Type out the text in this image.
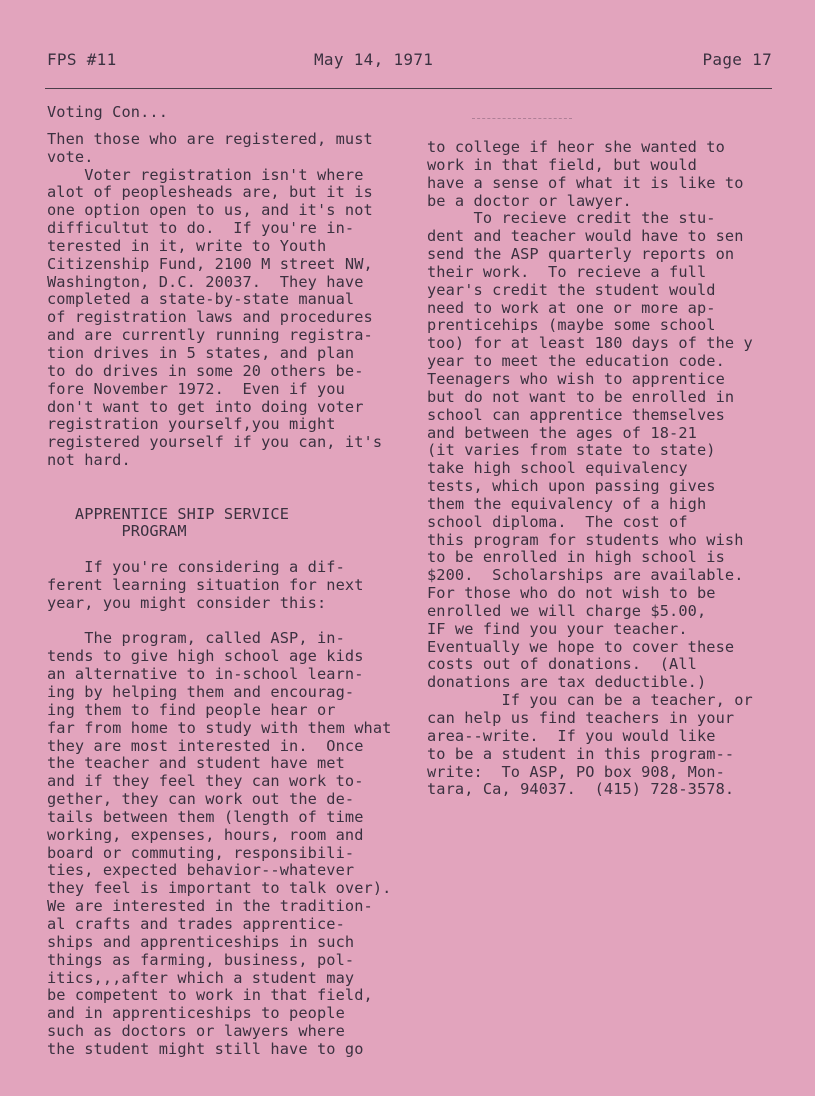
FPS #11	May 14, 1971	Page 17
Voting Con...
Then those who are registered, must
vote.
Voter registration isn't where
alot of peoplesheads are, but it is
one option open to us, and it's not
difficultut to do.  If you're in-
terested in it, write to Youth
Citizenship Fund, 2100 M street NW,
Washington, D.C. 20037.  They have
completed a state-by-state manual
of registration laws and procedures
and are currently running registra-
tion drives in 5 states, and plan
to do drives in some 20 others be-
fore November 1972.  Even if you
don't want to get into doing voter
registration yourself,you might
registered yourself if you can, it's
not hard.
APPRENTICE SHIP SERVICE
PROGRAM
If you're considering a dif-
ferent learning situation for next
year, you might consider this:
The program, called ASP, in-
tends to give high school age kids
an alternative to in-school learn-
ing by helping them and encourag-
ing them to find people hear or
far from home to study with them what
they are most interested in.  Once
the teacher and student have met
and if they feel they can work to-
gether, they can work out the de-
tails between them (length of time
working, expenses, hours, room and
board or commuting, responsibili-
ties, expected behavior--whatever
they feel is important to talk over).
We are interested in the tradition-
al crafts and trades apprentice-
ships and apprenticeships in such
things as farming, business, pol-
itics,,,after which a student may
be competent to work in that field,
and in apprenticeships to people
such as doctors or lawyers where
the student might still have to go
to college if heor she wanted to
work in that field, but would
have a sense of what it is like to
be a doctor or lawyer.
To recieve credit the stu-
dent and teacher would have to sen
send the ASP quarterly reports on
their work.  To recieve a full
year's credit the student would
need to work at one or more ap-
prenticehips (maybe some school
too) for at least 180 days of the y
year to meet the education code.
Teenagers who wish to apprentice
but do not want to be enrolled in
school can apprentice themselves
and between the ages of 18-21
(it varies from state to state)
take high school equivalency
tests, which upon passing gives
them the equivalency of a high
school diploma.  The cost of
this program for students who wish
to be enrolled in high school is
$200.  Scholarships are available.
For those who do not wish to be
enrolled we will charge $5.00,
IF we find you your teacher.
Eventually we hope to cover these
costs out of donations.  (All
donations are tax deductible.)
If you can be a teacher, or
can help us find teachers in your
area--write.  If you would like
to be a student in this program--
write:  To ASP, PO box 908, Mon-
tara, Ca, 94037.  (415) 728-3578.
